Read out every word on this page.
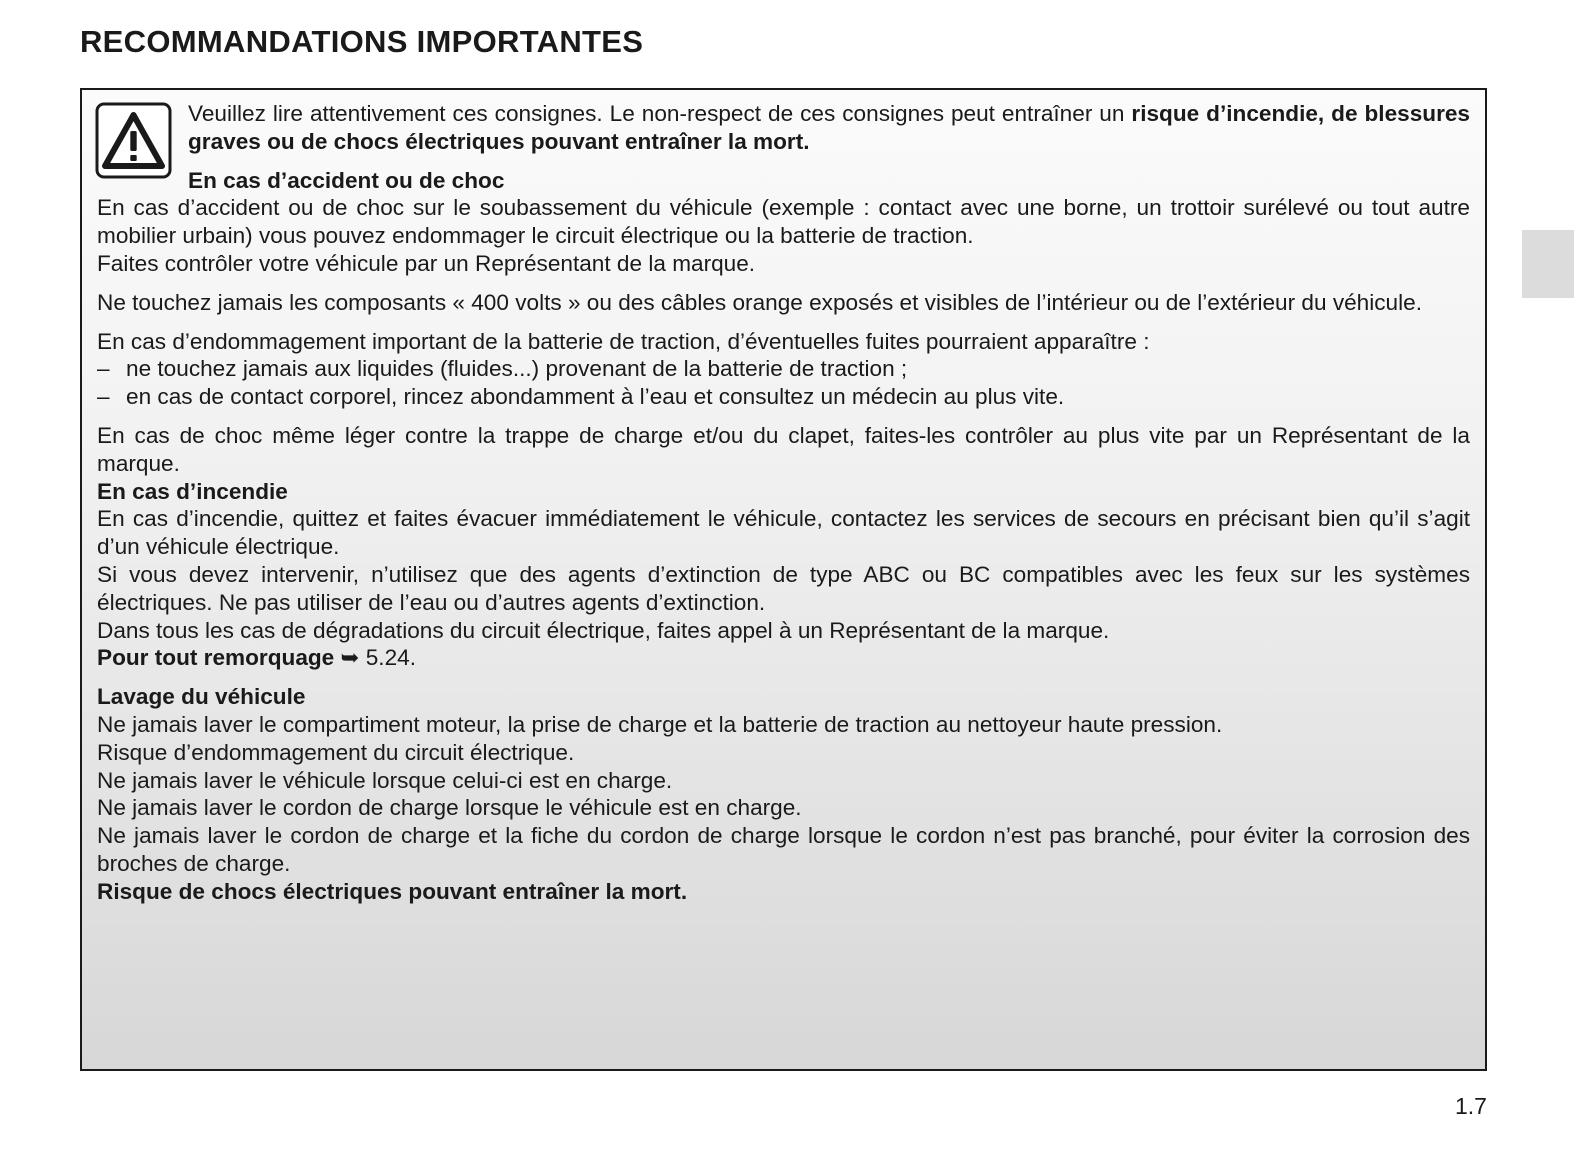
RECOMMANDATIONS IMPORTANTES

Veuillez lire attentivement ces consignes. Le non-respect de ces consignes peut entraîner un risque d’incendie, de blessures graves ou de chocs électriques pouvant entraîner la mort.

En cas d’accident ou de choc

En cas d’accident ou de choc sur le soubassement du véhicule (exemple : contact avec une borne, un trottoir surélevé ou tout autre mobilier urbain) vous pouvez endommager le circuit électrique ou la batterie de traction.
Faites contrôler votre véhicule par un Représentant de la marque.

Ne touchez jamais les composants « 400 volts » ou des câbles orange exposés et visibles de l’intérieur ou de l’extérieur du véhicule.

En cas d’endommagement important de la batterie de traction, d’éventuelles fuites pourraient apparaître :
– ne touchez jamais aux liquides (fluides...) provenant de la batterie de traction ;
– en cas de contact corporel, rincez abondamment à l’eau et consultez un médecin au plus vite.

En cas de choc même léger contre la trappe de charge et/ou du clapet, faites-les contrôler au plus vite par un Représentant de la marque.

En cas d’incendie

En cas d’incendie, quittez et faites évacuer immédiatement le véhicule, contactez les services de secours en précisant bien qu’il s’agit d’un véhicule électrique.

Si vous devez intervenir, n’utilisez que des agents d’extinction de type ABC ou BC compatibles avec les feux sur les systèmes électriques. Ne pas utiliser de l’eau ou d’autres agents d’extinction.

Dans tous les cas de dégradations du circuit électrique, faites appel à un Représentant de la marque.

Pour tout remorquage ➥ 5.24.

Lavage du véhicule

Ne jamais laver le compartiment moteur, la prise de charge et la batterie de traction au nettoyeur haute pression.

Risque d’endommagement du circuit électrique.

Ne jamais laver le véhicule lorsque celui-ci est en charge.

Ne jamais laver le cordon de charge lorsque le véhicule est en charge.

Ne jamais laver le cordon de charge et la fiche du cordon de charge lorsque le cordon n’est pas branché, pour éviter la corrosion des broches de charge.

Risque de chocs électriques pouvant entraîner la mort.

1.7
